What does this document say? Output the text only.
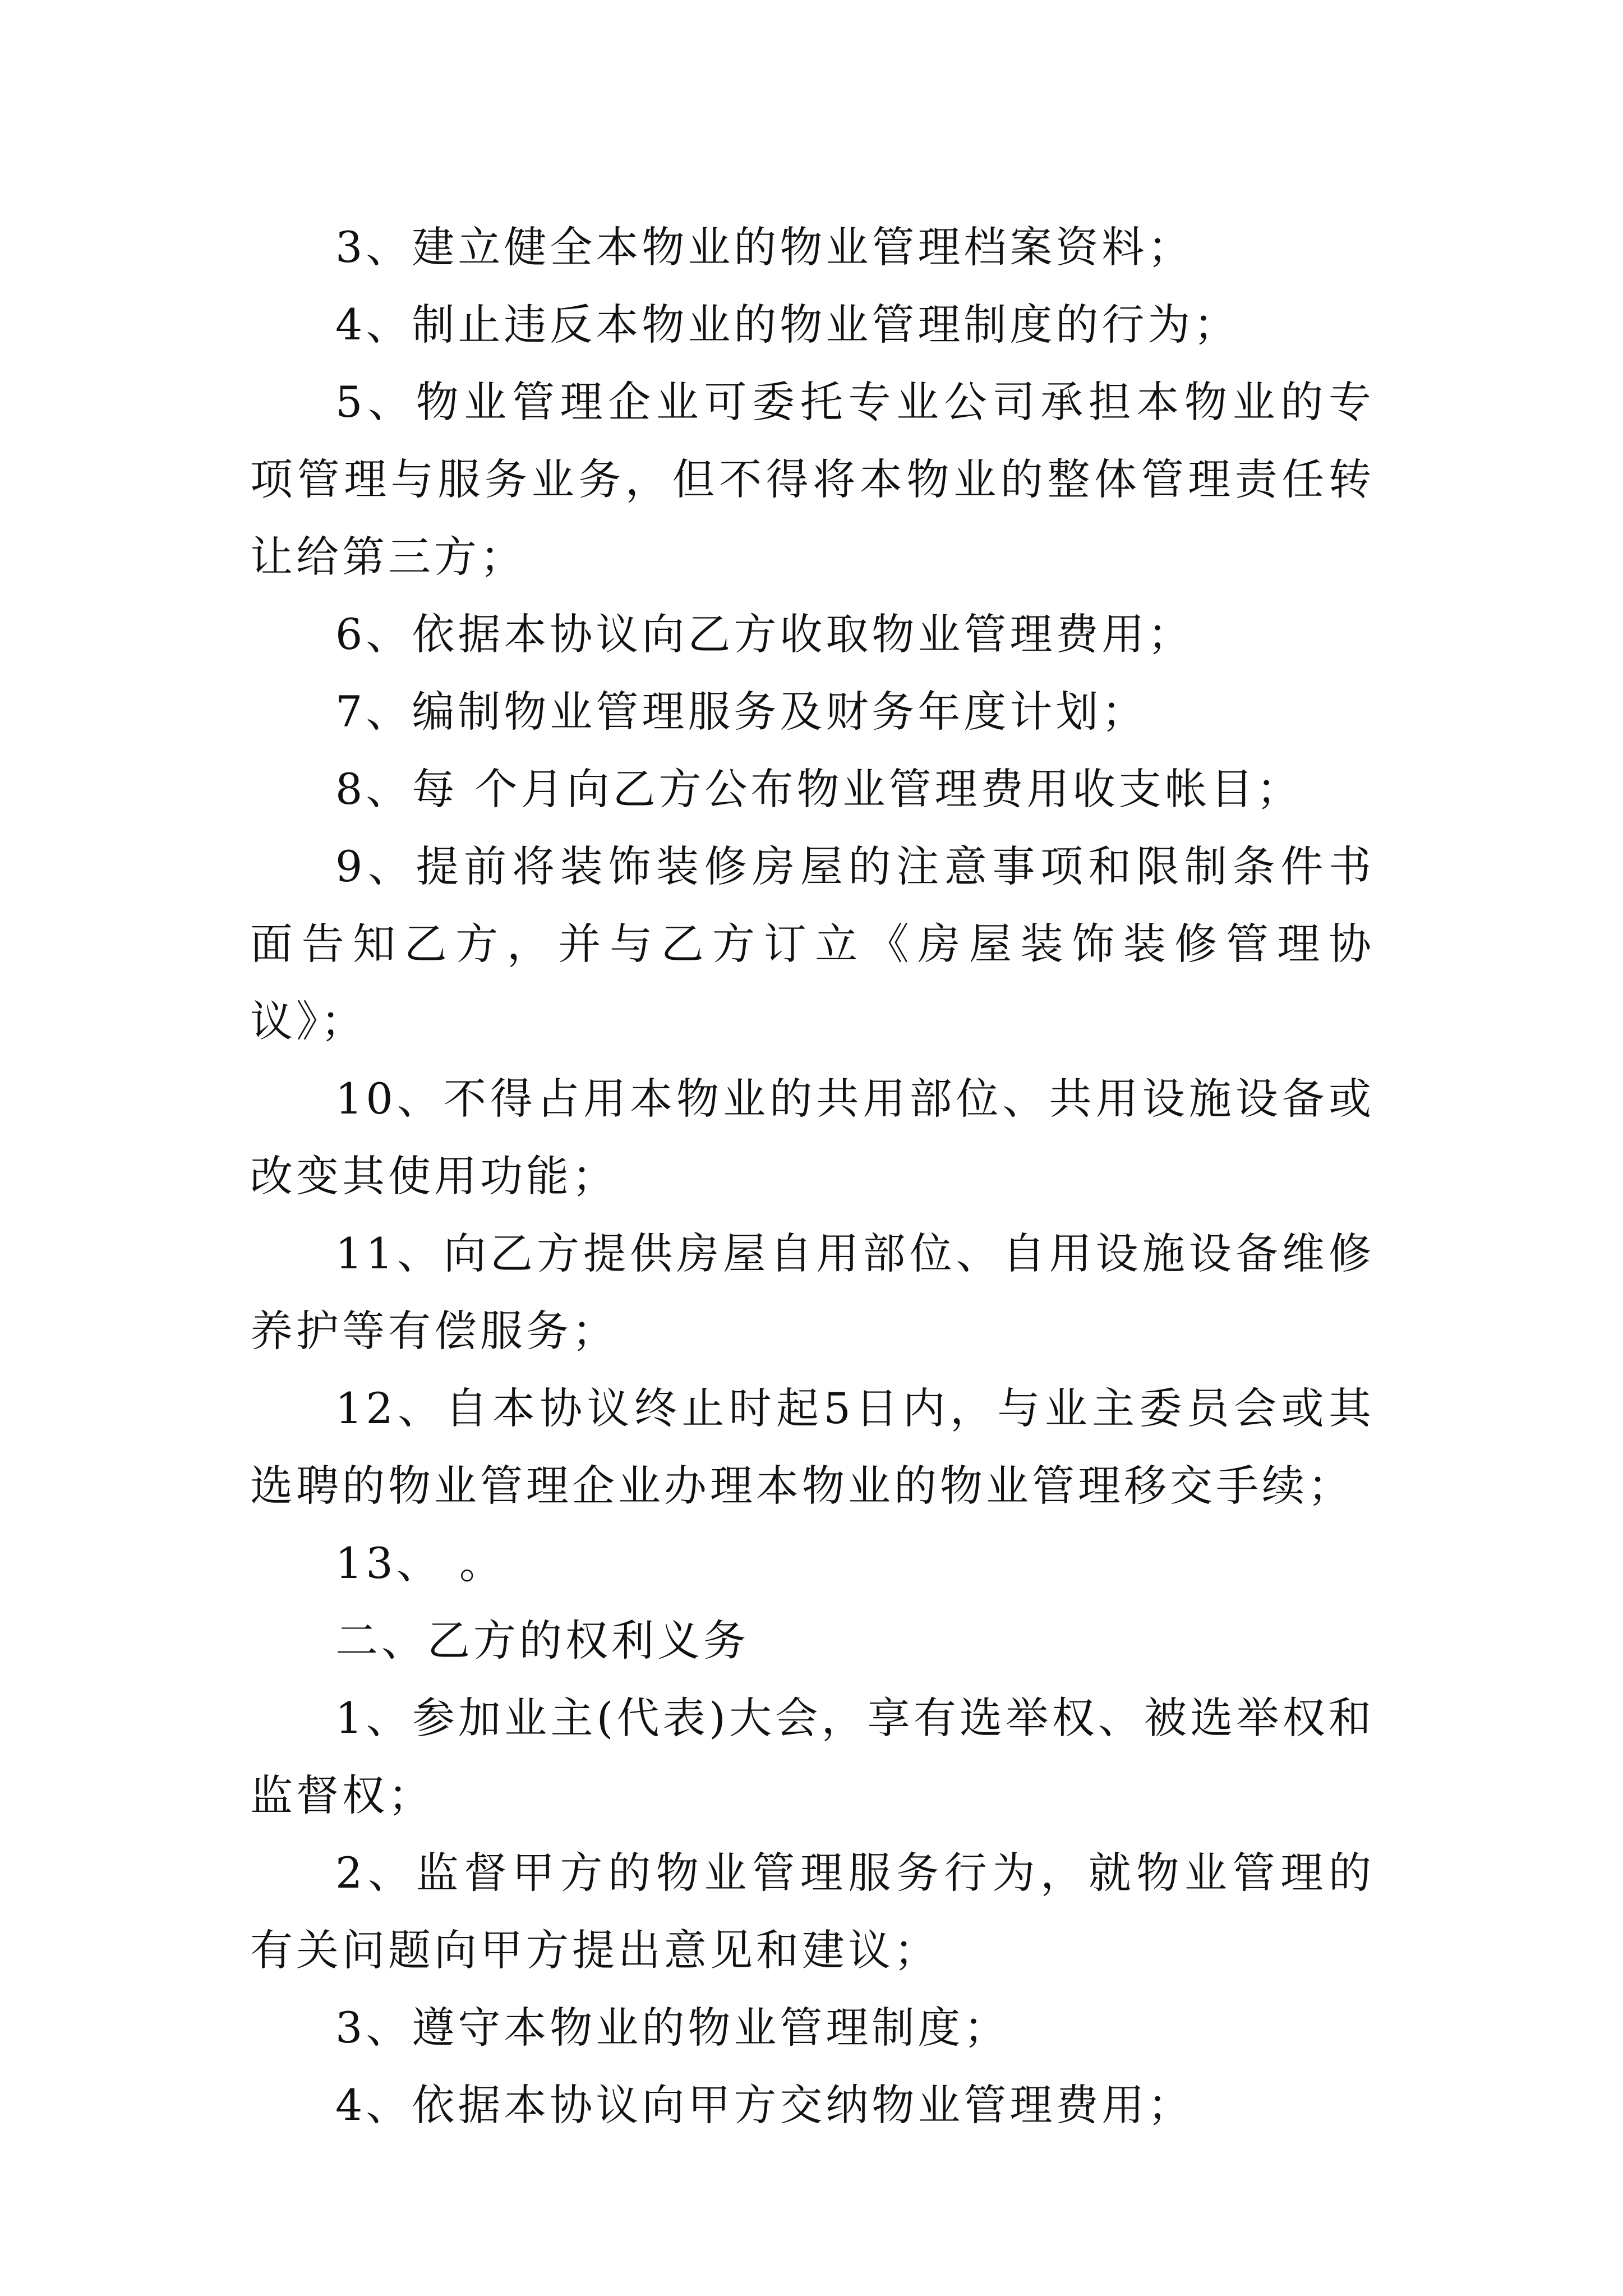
3、建立健全本物业的物业管理档案资料；

4、制止违反本物业的物业管理制度的行为；

5、物业管理企业可委托专业公司承担本物业的专项管理与服务业务，但不得将本物业的整体管理责任转让给第三方；

6、依据本协议向乙方收取物业管理费用；

7、编制物业管理服务及财务年度计划；

8、每 个月向乙方公布物业管理费用收支帐目；

9、提前将装饰装修房屋的注意事项和限制条件书面告知乙方，并与乙方订立《房屋装饰装修管理协议》；

10、不得占用本物业的共用部位、共用设施设备或改变其使用功能；

11、向乙方提供房屋自用部位、自用设施设备维修养护等有偿服务；

12、自本协议终止时起5日内，与业主委员会或其选聘的物业管理企业办理本物业的物业管理移交手续；

13、 。

二、乙方的权利义务

1、参加业主(代表)大会，享有选举权、被选举权和监督权；

2、监督甲方的物业管理服务行为，就物业管理的有关问题向甲方提出意见和建议；

3、遵守本物业的物业管理制度；

4、依据本协议向甲方交纳物业管理费用；
